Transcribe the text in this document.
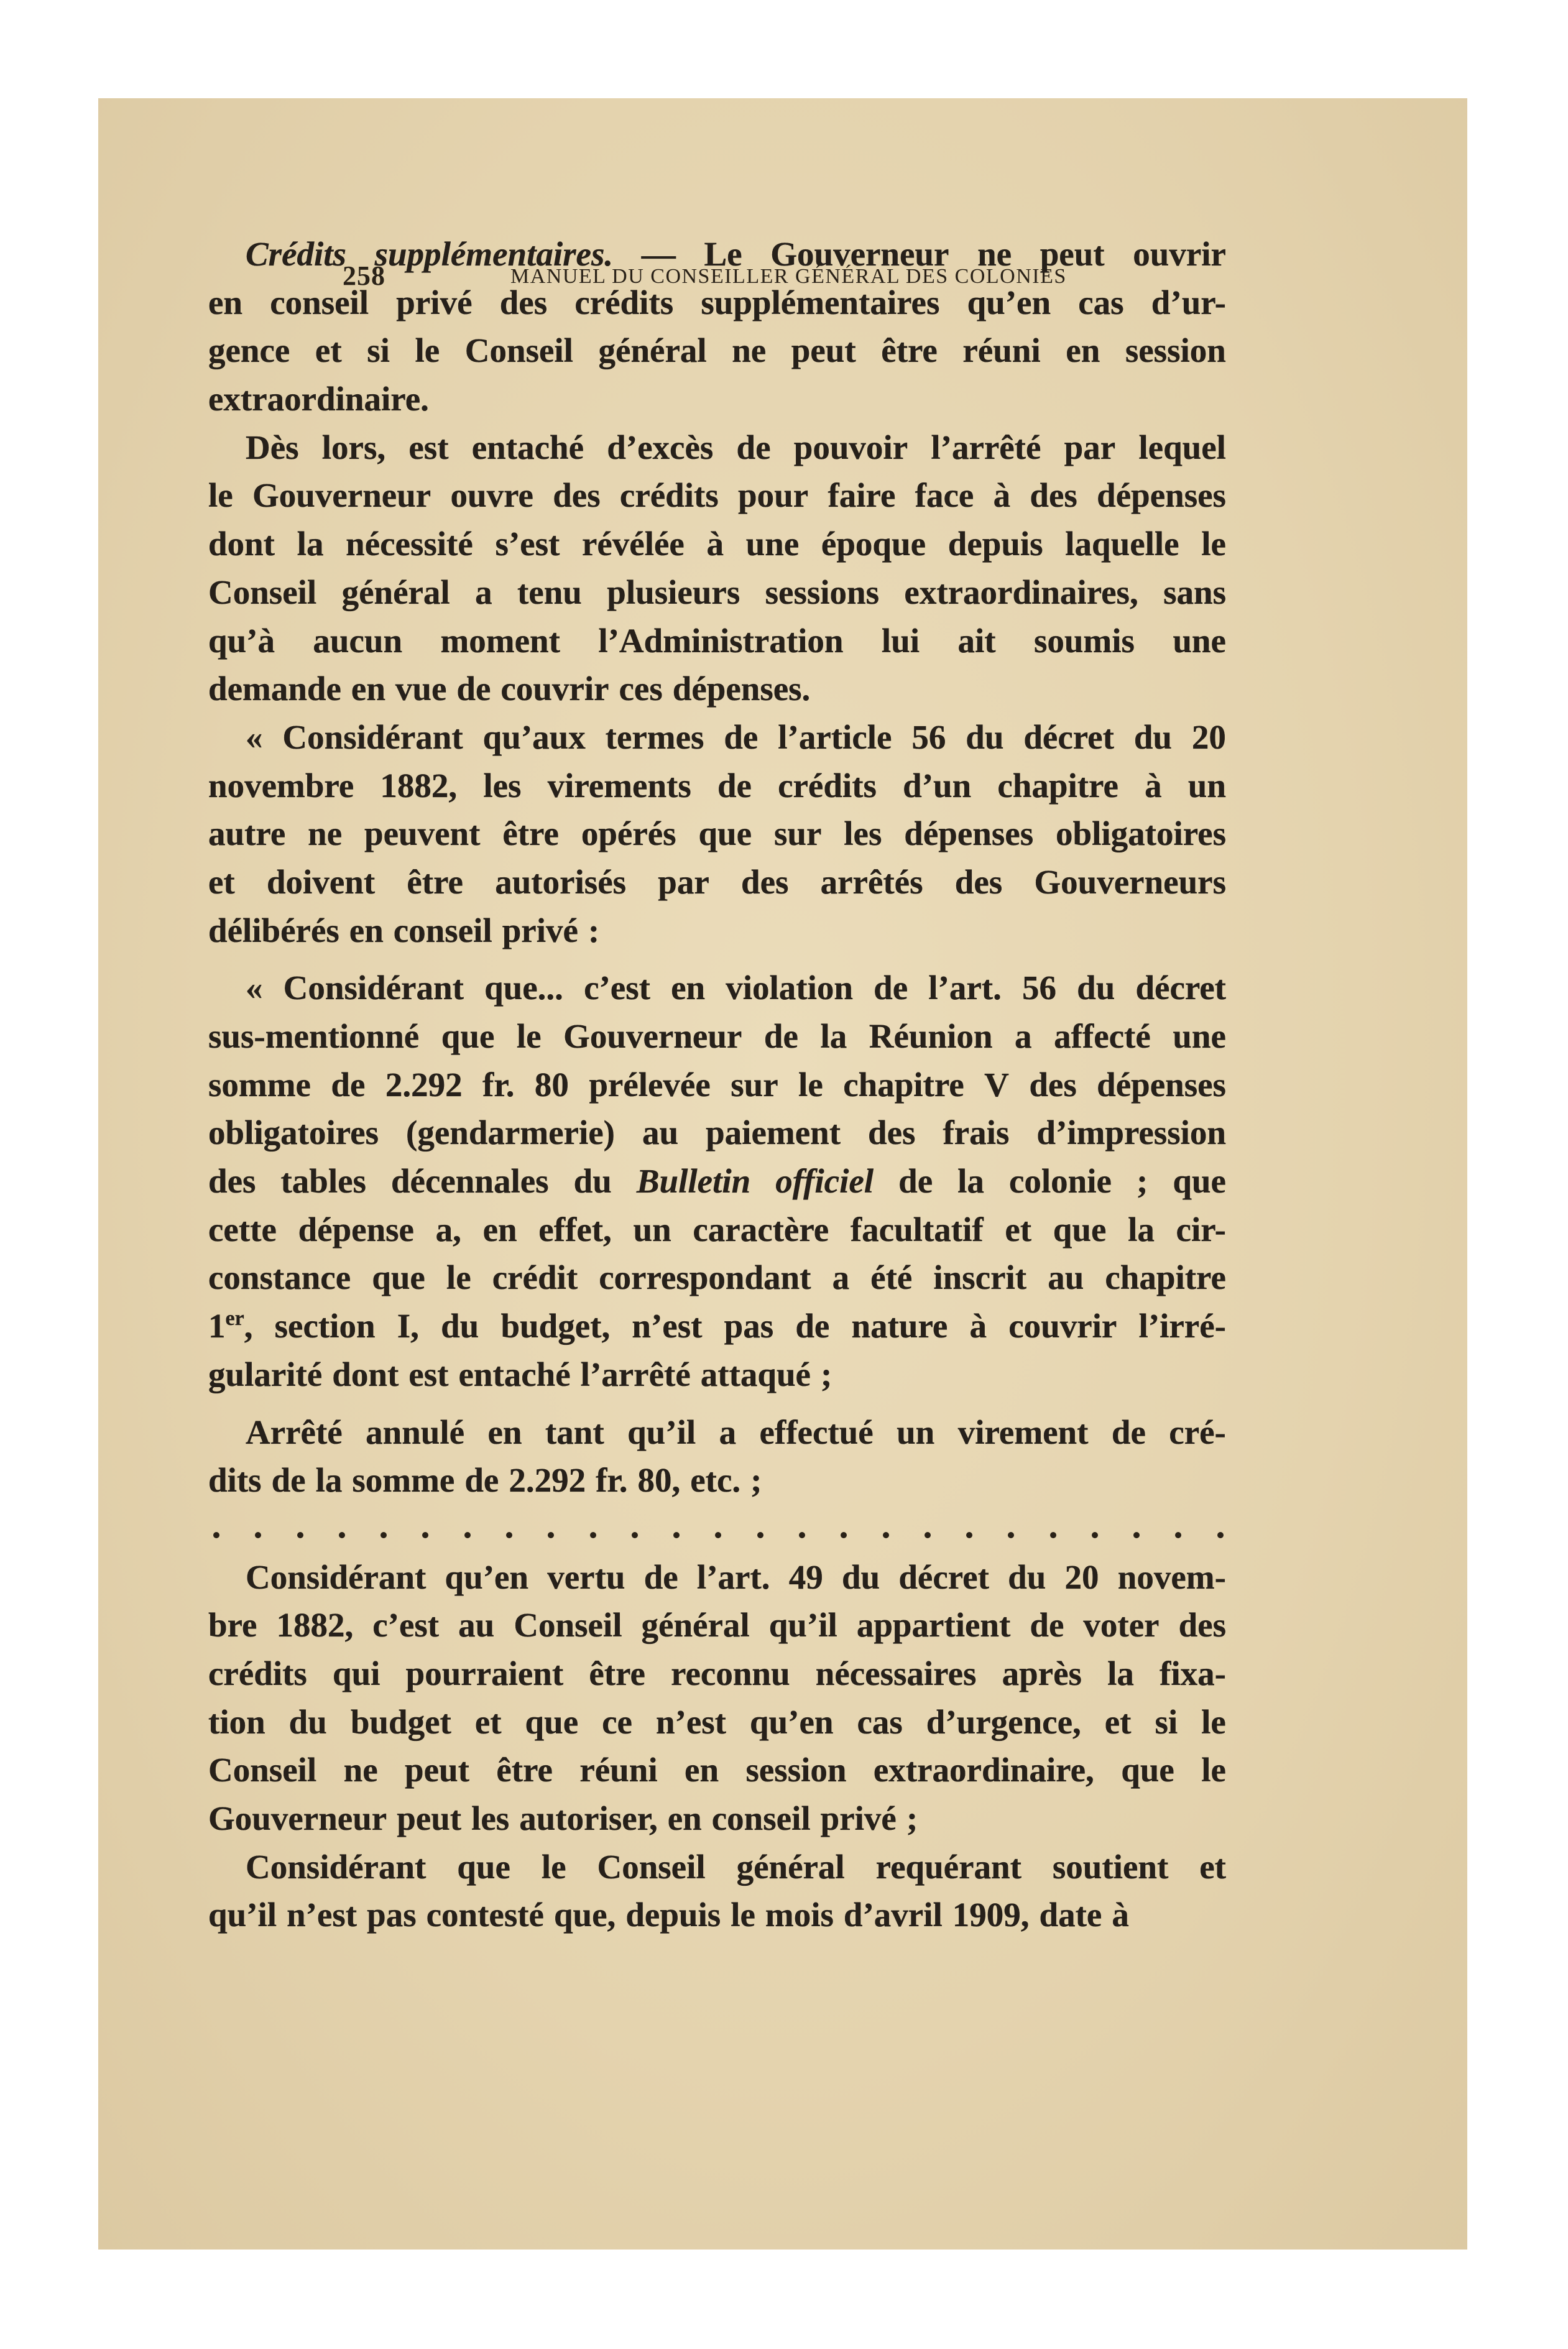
258	MANUEL DU CONSEILLER GÉNÉRAL DES COLONIES
Crédits supplémentaires. — Le Gouverneur ne peut ouvrir
en conseil privé des crédits supplémentaires qu’en cas d’ur-
gence et si le Conseil général ne peut être réuni en session
extraordinaire.
Dès lors, est entaché d’excès de pouvoir l’arrêté par lequel
le Gouverneur ouvre des crédits pour faire face à des dépenses
dont la nécessité s’est révélée à une époque depuis laquelle le
Conseil général a tenu plusieurs sessions extraordinaires, sans
qu’à aucun moment l’Administration lui ait soumis une
demande en vue de couvrir ces dépenses.
« Considérant qu’aux termes de l’article 56 du décret du 20
novembre 1882, les virements de crédits d’un chapitre à un
autre ne peuvent être opérés que sur les dépenses obligatoires
et doivent être autorisés par des arrêtés des Gouverneurs
délibérés en conseil privé :
« Considérant que... c’est en violation de l’art. 56 du décret
sus-mentionné que le Gouverneur de la Réunion a affecté une
somme de 2.292 fr. 80 prélevée sur le chapitre V des dépenses
obligatoires (gendarmerie) au paiement des frais d’impression
des tables décennales du Bulletin officiel de la colonie ; que
cette dépense a, en effet, un caractère facultatif et que la cir-
constance que le crédit correspondant a été inscrit au chapitre
1er, section I, du budget, n’est pas de nature à couvrir l’irré-
gularité dont est entaché l’arrêté attaqué ;
Arrêté annulé en tant qu’il a effectué un virement de cré-
dits de la somme de 2.292 fr. 80, etc. ;
Considérant qu’en vertu de l’art. 49 du décret du 20 novem-
bre 1882, c’est au Conseil général qu’il appartient de voter des
crédits qui pourraient être reconnu nécessaires après la fixa-
tion du budget et que ce n’est qu’en cas d’urgence, et si le
Conseil ne peut être réuni en session extraordinaire, que le
Gouverneur peut les autoriser, en conseil privé ;
Considérant que le Conseil général requérant soutient et
qu’il n’est pas contesté que, depuis le mois d’avril 1909, date à
